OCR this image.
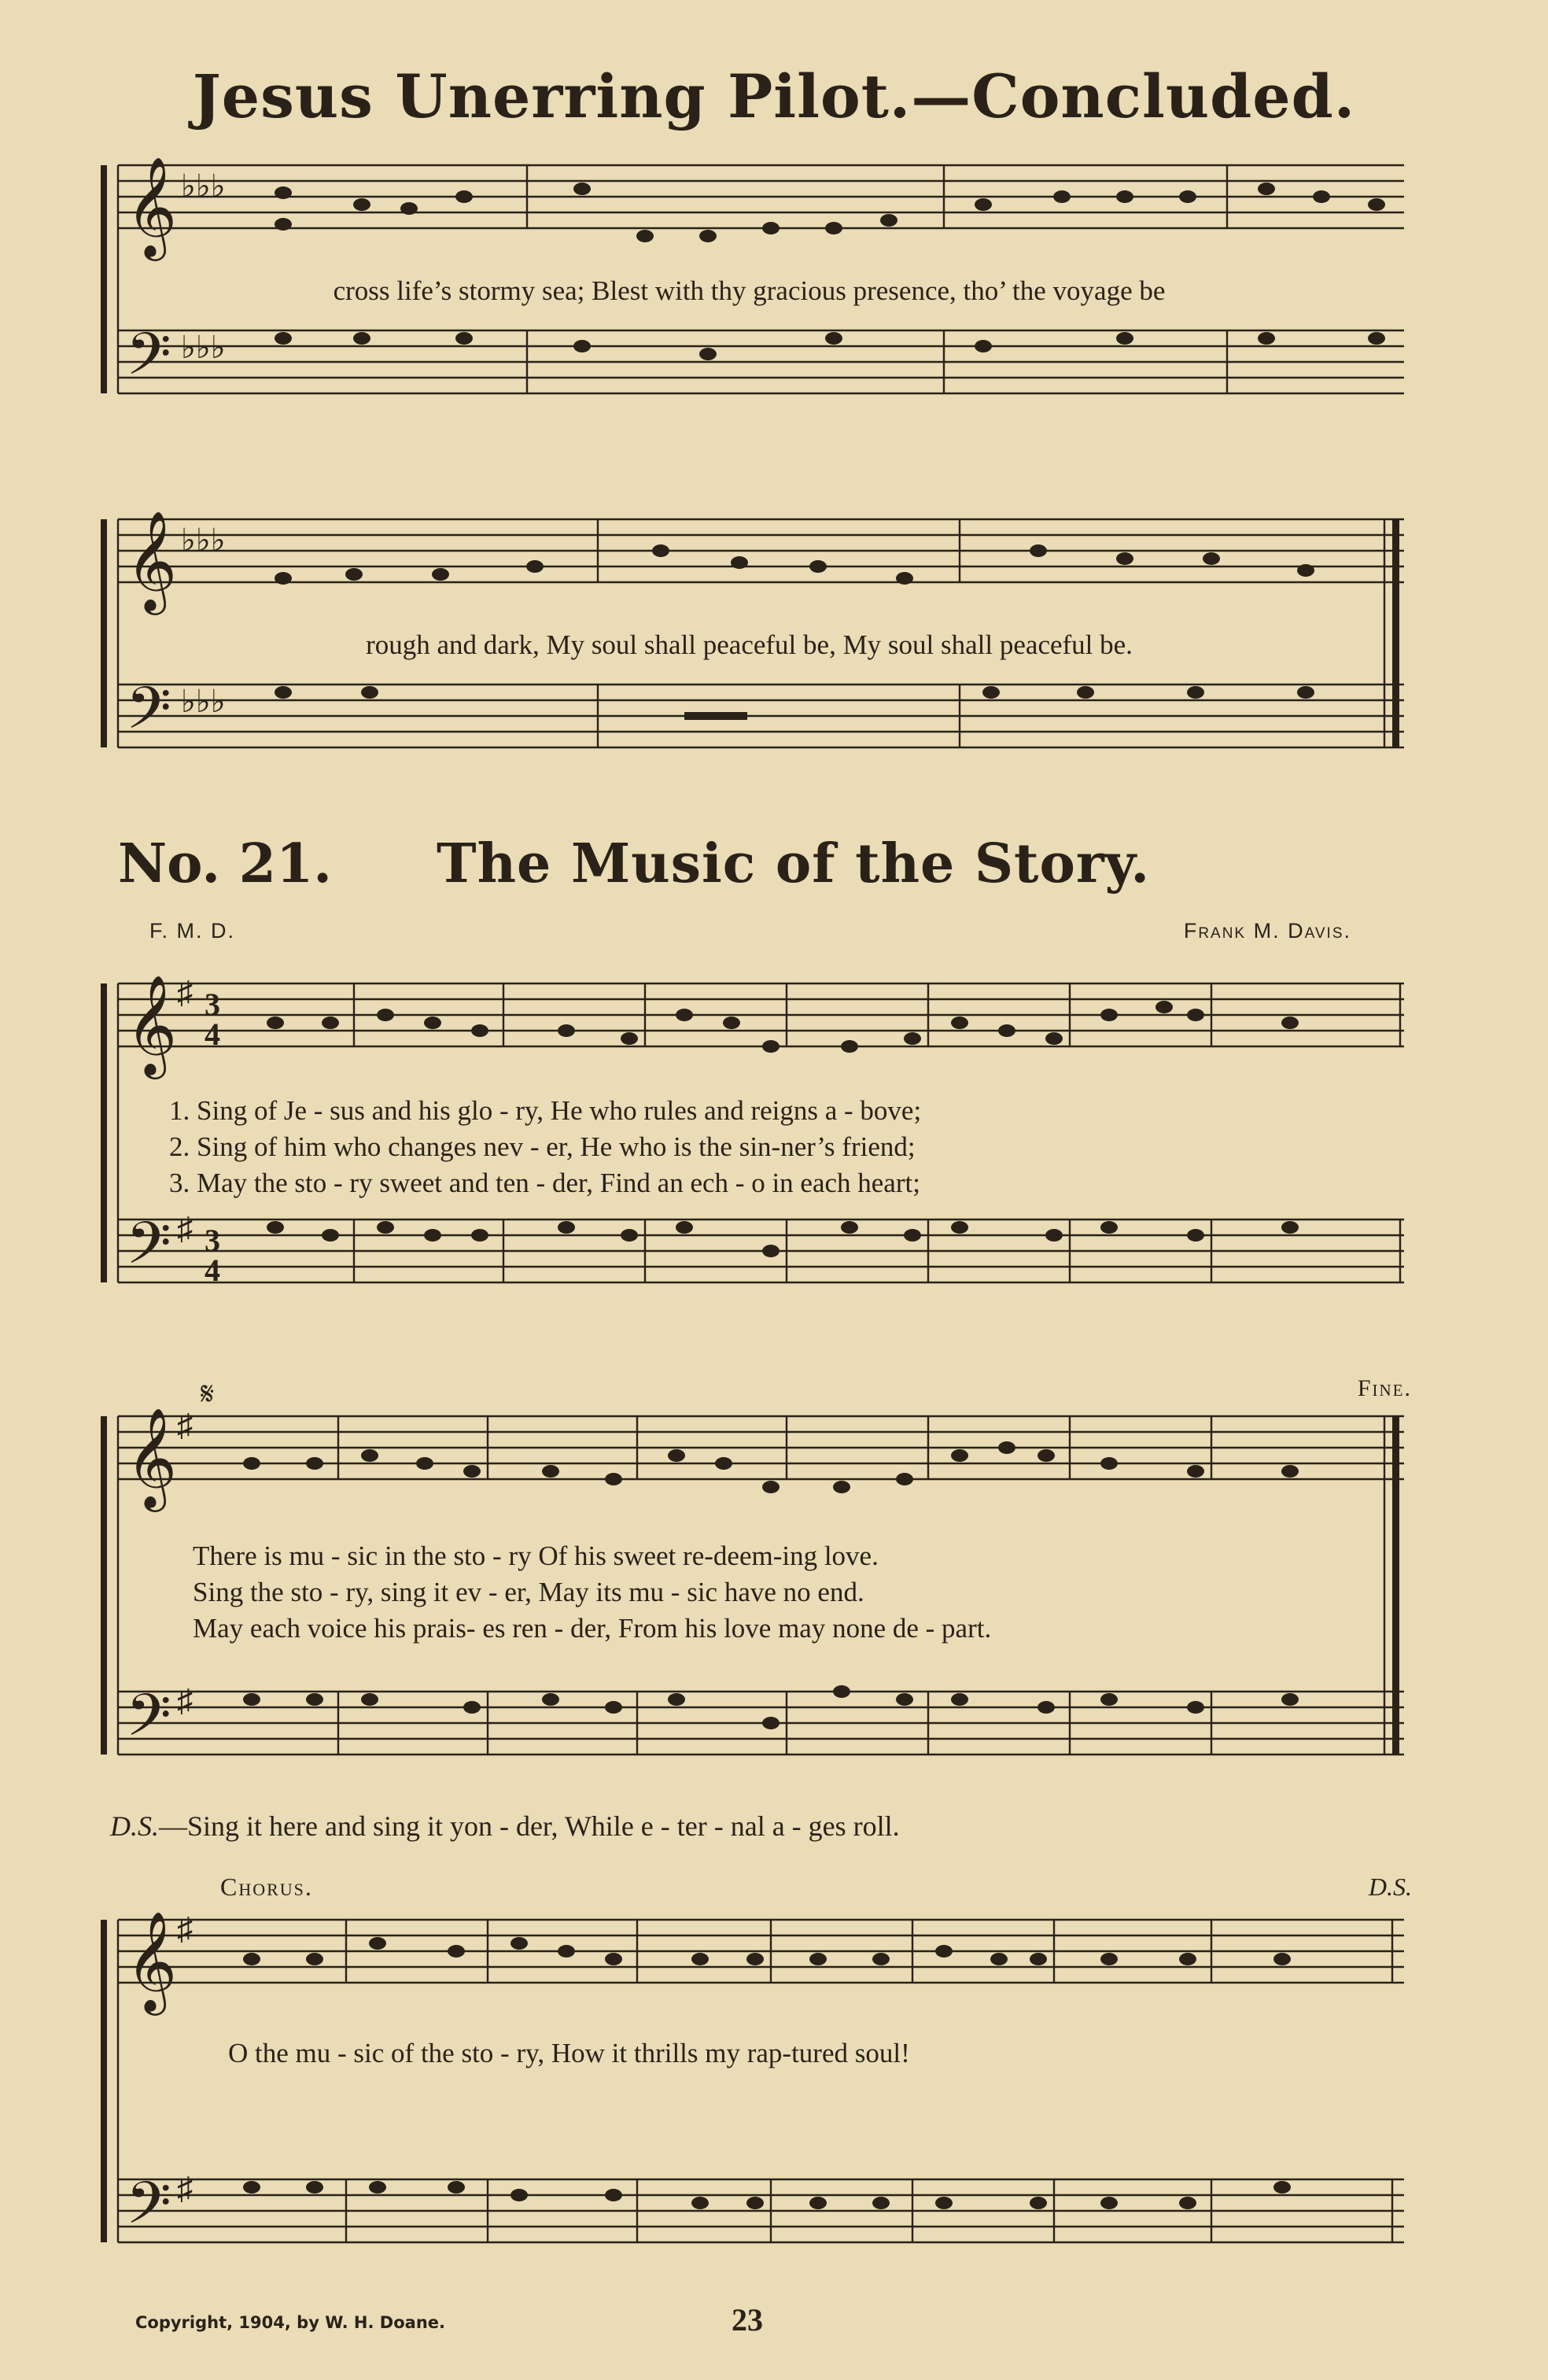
Jesus Unerring Pilot.—Concluded.
𝄞
𝄢
♭♭♭
♭♭♭
cross life’s stormy sea; Blest with thy gracious presence, tho’ the voyage be
𝄞
𝄢
♭♭♭
♭♭♭
rough and dark, My soul shall peaceful be, My soul shall peaceful be.
No. 21. The Music of the Story.
F. M. D.	Frank M. Davis.
𝄞
𝄢
♯
♯
3
4
3
4
1. Sing of Je - sus and his glo - ry, He who rules and reigns a - bove;
2. Sing of him who changes nev - er, He who is the sin-ner’s friend;
3. May the sto - ry sweet and ten - der, Find an ech - o in each heart;
Fine.
𝄞
𝄢
♯
♯
𝄋
There is mu - sic in the sto - ry Of his sweet re-deem-ing love.
Sing the sto - ry, sing it ev - er, May its mu - sic have no end.
May each voice his prais- es ren - der, From his love may none de - part.
D.S.—Sing it here and sing it yon - der, While e - ter - nal a - ges roll.
Chorus.	D.S.
𝄞
𝄢
♯
♯
O the mu - sic of the sto - ry, How it thrills my rap-tured soul!
Copyright, 1904, by W. H. Doane.	23
